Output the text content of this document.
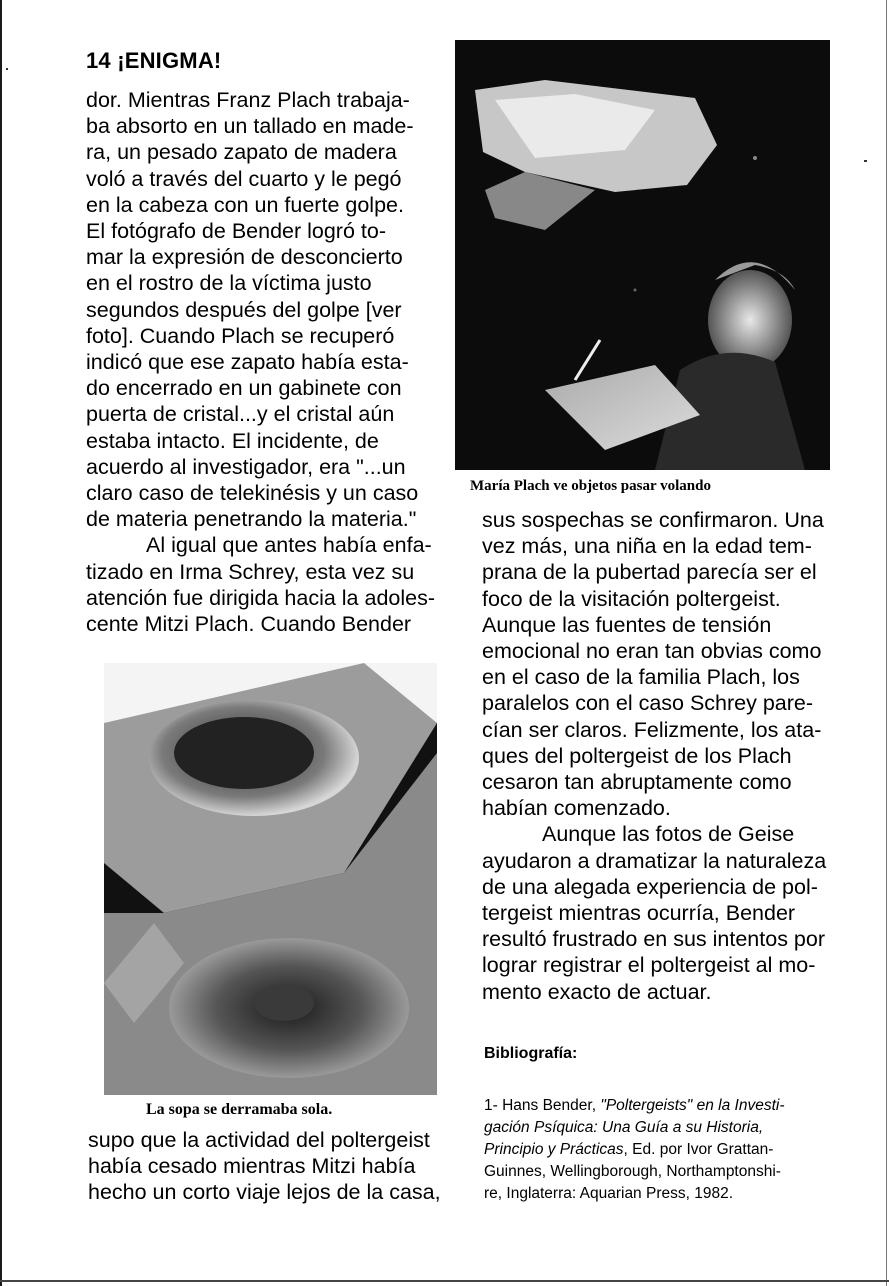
14 ¡ENIGMA!
dor. Mientras Franz Plach trabaja-
ba absorto en un tallado en made-
ra, un pesado zapato de madera
voló a través del cuarto y le pegó
en la cabeza con un fuerte golpe.
El fotógrafo de Bender logró to-
mar la expresión de desconcierto
en el rostro de la víctima justo
segundos después del golpe [ver
foto]. Cuando Plach se recuperó
indicó que ese zapato había esta-
do encerrado en un gabinete con
puerta de cristal...y el cristal aún
estaba intacto. El incidente, de
acuerdo al investigador, era "...un
claro caso de telekinésis y un caso
de materia penetrando la materia."
Al igual que antes había enfa-
tizado en Irma Schrey, esta vez su
atención fue dirigida hacia la adoles-
cente Mitzi Plach. Cuando Bender
María Plach ve objetos pasar volando
sus sospechas se confirmaron. Una
vez más, una niña en la edad tem-
prana de la pubertad parecía ser el
foco de la visitación poltergeist.
Aunque las fuentes de tensión
emocional no eran tan obvias como
en el caso de la familia Plach, los
paralelos con el caso Schrey pare-
cían ser claros. Felizmente, los ata-
ques del poltergeist de los Plach
cesaron tan abruptamente como
habían comenzado.
Aunque las fotos de Geise
ayudaron a dramatizar la naturaleza
de una alegada experiencia de pol-
tergeist mientras ocurría, Bender
resultó frustrado en sus intentos por
lograr registrar el poltergeist al mo-
mento exacto de actuar.
La sopa se derramaba sola.
supo que la actividad del poltergeist
había cesado mientras Mitzi había
hecho un corto viaje lejos de la casa,
Bibliografía:
1- Hans Bender, "Poltergeists" en la Investi-
gación Psíquica: Una Guía a su Historia,
Principio y Prácticas, Ed. por Ivor Grattan-
Guinnes, Wellingborough, Northamptonshi-
re, Inglaterra: Aquarian Press, 1982.
